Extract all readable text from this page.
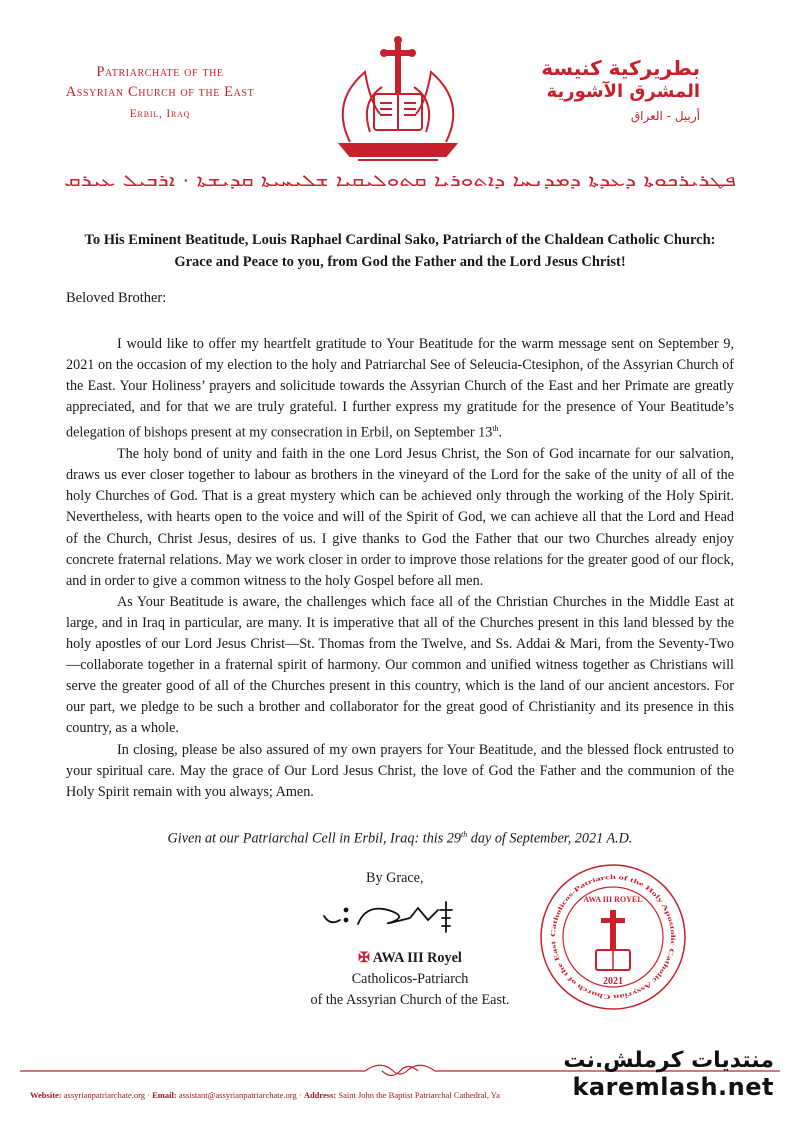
Patriarchate of the
Assyrian Church of the East
Erbil, Iraq
بطريركية كنيسة
المشرق الآشورية
أربيل - العراق
ܦܛܪܝܪܟܘܬܐ ܕܥܕܬܐ ܕܡܕܢܚܐ ܕܐܬܘܪܝܐ ܩܬܘܠܝܩܝܐ ܫܠܝܚܝܬܐ ܩܕܝܫܬܐ · ܐܪܒܝܠ ܥܝܪܩ
To His Eminent Beatitude, Louis Raphael Cardinal Sako, Patriarch of the Chaldean Catholic Church: Grace and Peace to you, from God the Father and the Lord Jesus Christ!
Beloved Brother:

I would like to offer my heartfelt gratitude to Your Beatitude for the warm message sent on September 9, 2021 on the occasion of my election to the holy and Patriarchal See of Seleucia-Ctesiphon, of the Assyrian Church of the East. Your Holiness’ prayers and solicitude towards the Assyrian Church of the East and her Primate are greatly appreciated, and for that we are truly grateful. I further express my gratitude for the presence of Your Beatitude’s delegation of bishops present at my consecration in Erbil, on September 13th.

The holy bond of unity and faith in the one Lord Jesus Christ, the Son of God incarnate for our salvation, draws us ever closer together to labour as brothers in the vineyard of the Lord for the sake of the unity of all of the holy Churches of God. That is a great mystery which can be achieved only through the working of the Holy Spirit. Nevertheless, with hearts open to the voice and will of the Spirit of God, we can achieve all that the Lord and Head of the Church, Christ Jesus, desires of us. I give thanks to God the Father that our two Churches already enjoy concrete fraternal relations. May we work closer in order to improve those relations for the greater good of our flock, and in order to give a common witness to the holy Gospel before all men.

As Your Beatitude is aware, the challenges which face all of the Christian Churches in the Middle East at large, and in Iraq in particular, are many. It is imperative that all of the Churches present in this land blessed by the holy apostles of our Lord Jesus Christ—St. Thomas from the Twelve, and Ss. Addai & Mari, from the Seventy-Two—collaborate together in a fraternal spirit of harmony. Our common and unified witness together as Christians will serve the greater good of all of the Churches present in this country, which is the land of our ancient ancestors. For our part, we pledge to be such a brother and collaborator for the great good of Christianity and its presence in this country, as a whole.

In closing, please be also assured of my own prayers for Your Beatitude, and the blessed flock entrusted to your spiritual care. May the grace of Our Lord Jesus Christ, the love of God the Father and the communion of the Holy Spirit remain with you always; Amen.

Given at our Patriarchal Cell in Erbil, Iraq: this 29th day of September, 2021 A.D.
By Grace,
✠ AWA III Royel
Catholicos-Patriarch
of the Assyrian Church of the East.
Catholicos-Patriarch of the Holy Apostolic Catholic Assyrian Church of the East
AWA III ROYEL
2021
Website: assyrianpatriarchate.org · Email: assistant@assyrianpatriarchate.org · Address: Saint John the Baptist Patriarchal Cathedral, Ya
منتديات كرملش.نت
karemlash.net
